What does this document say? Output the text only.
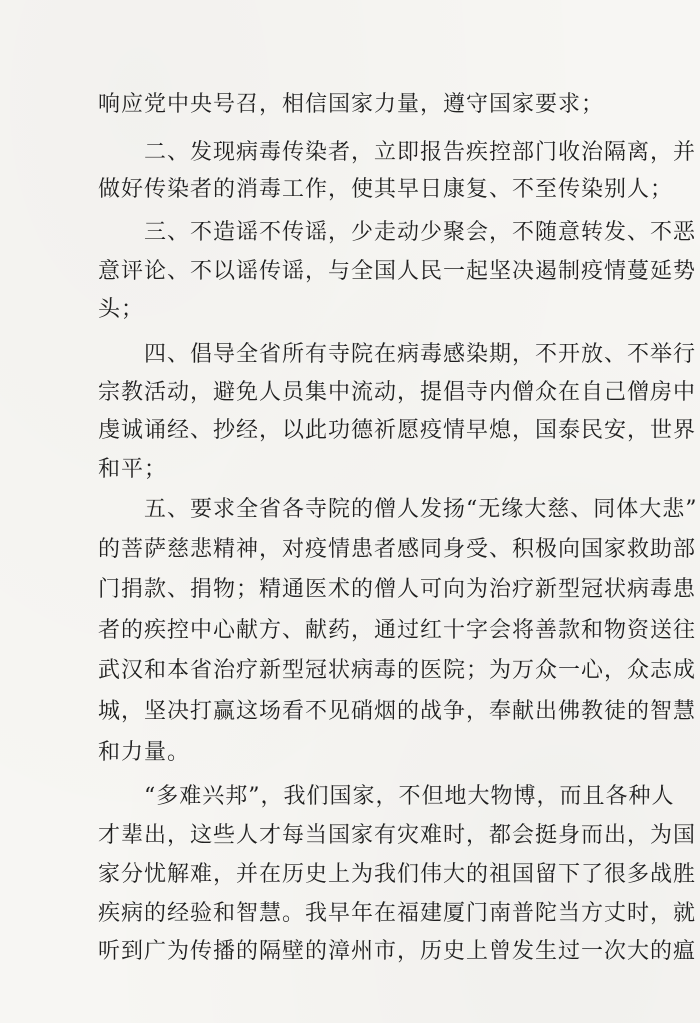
响应党中央号召，相信国家力量，遵守国家要求；
二、发现病毒传染者，立即报告疾控部门收治隔离，并
做好传染者的消毒工作，使其早日康复、不至传染别人；
三、不造谣不传谣，少走动少聚会，不随意转发、不恶
意评论、不以谣传谣，与全国人民一起坚决遏制疫情蔓延势
头；
四、倡导全省所有寺院在病毒感染期，不开放、不举行
宗教活动，避免人员集中流动，提倡寺内僧众在自己僧房中
虔诚诵经、抄经，以此功德祈愿疫情早熄，国泰民安，世界
和平；
五、要求全省各寺院的僧人发扬“无缘大慈、同体大悲”
的菩萨慈悲精神，对疫情患者感同身受、积极向国家救助部
门捐款、捐物；精通医术的僧人可向为治疗新型冠状病毒患
者的疾控中心献方、献药，通过红十字会将善款和物资送往
武汉和本省治疗新型冠状病毒的医院；为万众一心，众志成
城，坚决打赢这场看不见硝烟的战争，奉献出佛教徒的智慧
和力量。
“多难兴邦”，我们国家，不但地大物博，而且各种人
才辈出，这些人才每当国家有灾难时，都会挺身而出，为国
家分忧解难，并在历史上为我们伟大的祖国留下了很多战胜
疾病的经验和智慧。我早年在福建厦门南普陀当方丈时，就
听到广为传播的隔壁的漳州市，历史上曾发生过一次大的瘟
